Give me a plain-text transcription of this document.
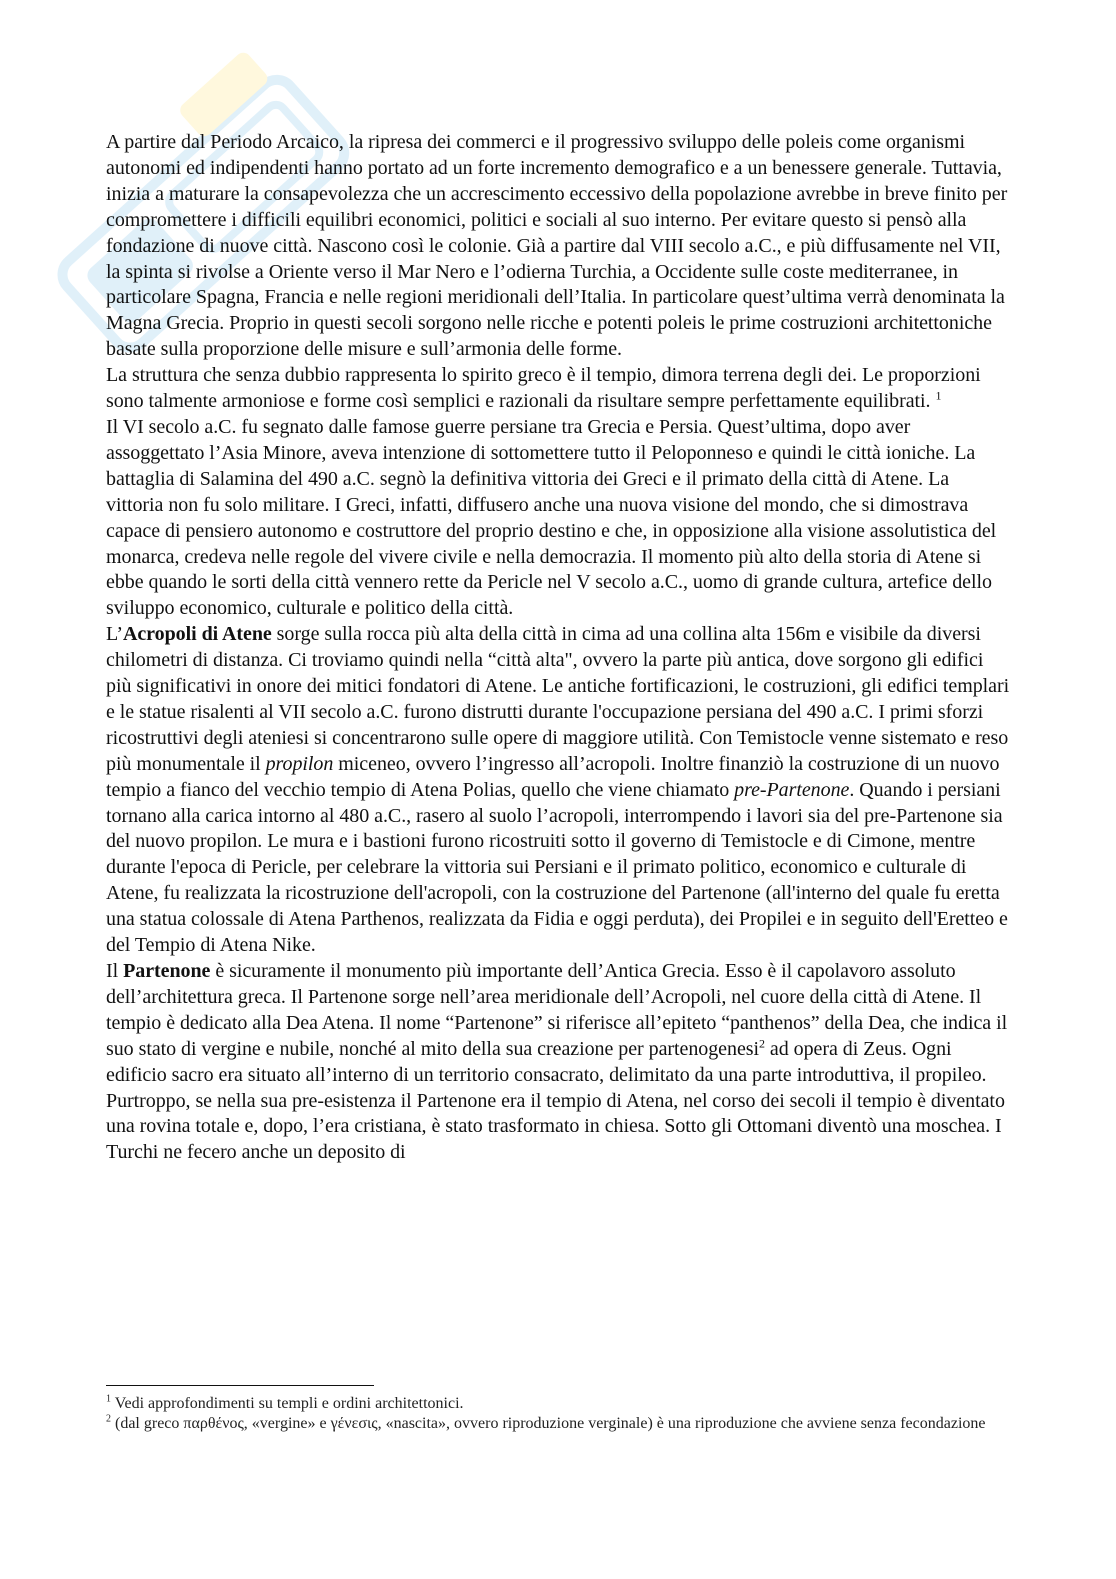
A partire dal Periodo Arcaico, la ripresa dei commerci e il progressivo sviluppo delle poleis come organismi autonomi ed indipendenti hanno portato ad un forte incremento demografico e a un benessere generale. Tuttavia, inizia a maturare la consapevolezza che un accrescimento eccessivo della popolazione avrebbe in breve finito per compromettere i difficili equilibri economici, politici e sociali al suo interno. Per evitare questo si pensò alla fondazione di nuove città. Nascono così le colonie. Già a partire dal VIII secolo a.C., e più diffusamente nel VII, la spinta si rivolse a Oriente verso il Mar Nero e l’odierna Turchia, a Occidente sulle coste mediterranee, in particolare Spagna, Francia e nelle regioni meridionali dell’Italia. In particolare quest’ultima verrà denominata la Magna Grecia. Proprio in questi secoli sorgono nelle ricche e potenti poleis le prime costruzioni architettoniche basate sulla proporzione delle misure e sull’armonia delle forme.

La struttura che senza dubbio rappresenta lo spirito greco è il tempio, dimora terrena degli dei. Le proporzioni sono talmente armoniose e forme così semplici e razionali da risultare sempre perfettamente equilibrati. $^1$

Il VI secolo a.C. fu segnato dalle famose guerre persiane tra Grecia e Persia. Quest’ultima, dopo aver assoggettato l’Asia Minore, aveva intenzione di sottomettere tutto il Peloponneso e quindi le città ioniche. La battaglia di Salamina del 490 a.C. segnò la definitiva vittoria dei Greci e il primato della città di Atene. La vittoria non fu solo militare. I Greci, infatti, diffusero anche una nuova visione del mondo, che si dimostrava capace di pensiero autonomo e costruttore del proprio destino e che, in opposizione alla visione assolutistica del monarca, credeva nelle regole del vivere civile e nella democrazia. Il momento più alto della storia di Atene si ebbe quando le sorti della città vennero rette da Pericle nel V secolo a.C., uomo di grande cultura, artefice dello sviluppo economico, culturale e politico della città.

L’Acropoli di Atene sorge sulla rocca più alta della città in cima ad una collina alta 156m e visibile da diversi chilometri di distanza. Ci troviamo quindi nella “città alta", ovvero la parte più antica, dove sorgono gli edifici più significativi in onore dei mitici fondatori di Atene. Le antiche fortificazioni, le costruzioni, gli edifici templari e le statue risalenti al VII secolo a.C. furono distrutti durante l'occupazione persiana del 490 a.C. I primi sforzi ricostruttivi degli ateniesi si concentrarono sulle opere di maggiore utilità. Con Temistocle venne sistemato e reso più monumentale il propilon miceneo, ovvero l’ingresso all’acropoli. Inoltre finanziò la costruzione di un nuovo tempio a fianco del vecchio tempio di Atena Polias, quello che viene chiamato pre-Partenone. Quando i persiani tornano alla carica intorno al 480 a.C., rasero al suolo l’acropoli, interrompendo i lavori sia del pre-Partenone sia del nuovo propilon. Le mura e i bastioni furono ricostruiti sotto il governo di Temistocle e di Cimone, mentre durante l'epoca di Pericle, per celebrare la vittoria sui Persiani e il primato politico, economico e culturale di Atene, fu realizzata la ricostruzione dell'acropoli, con la costruzione del Partenone (all'interno del quale fu eretta una statua colossale di Atena Parthenos, realizzata da Fidia e oggi perduta), dei Propilei e in seguito dell'Eretteo e del Tempio di Atena Nike.

Il Partenone è sicuramente il monumento più importante dell’Antica Grecia. Esso è il capolavoro assoluto dell’architettura greca. Il Partenone sorge nell’area meridionale dell’Acropoli, nel cuore della città di Atene. Il tempio è dedicato alla Dea Atena. Il nome “Partenone” si riferisce all’epiteto “panthenos” della Dea, che indica il suo stato di vergine e nubile, nonché al mito della sua creazione per partenogenesi$^2$ ad opera di Zeus. Ogni edificio sacro era situato all’interno di un territorio consacrato, delimitato da una parte introduttiva, il propileo. Purtroppo, se nella sua pre-esistenza il Partenone era il tempio di Atena, nel corso dei secoli il tempio è diventato una rovina totale e, dopo, l’era cristiana, è stato trasformato in chiesa. Sotto gli Ottomani diventò una moschea. I Turchi ne fecero anche un deposito di

$^1$ Vedi approfondimenti su templi e ordini architettonici.

$^2$ (dal greco παρθένος, «vergine» e γένεσις, «nascita», ovvero riproduzione verginale) è una riproduzione che avviene senza fecondazione
